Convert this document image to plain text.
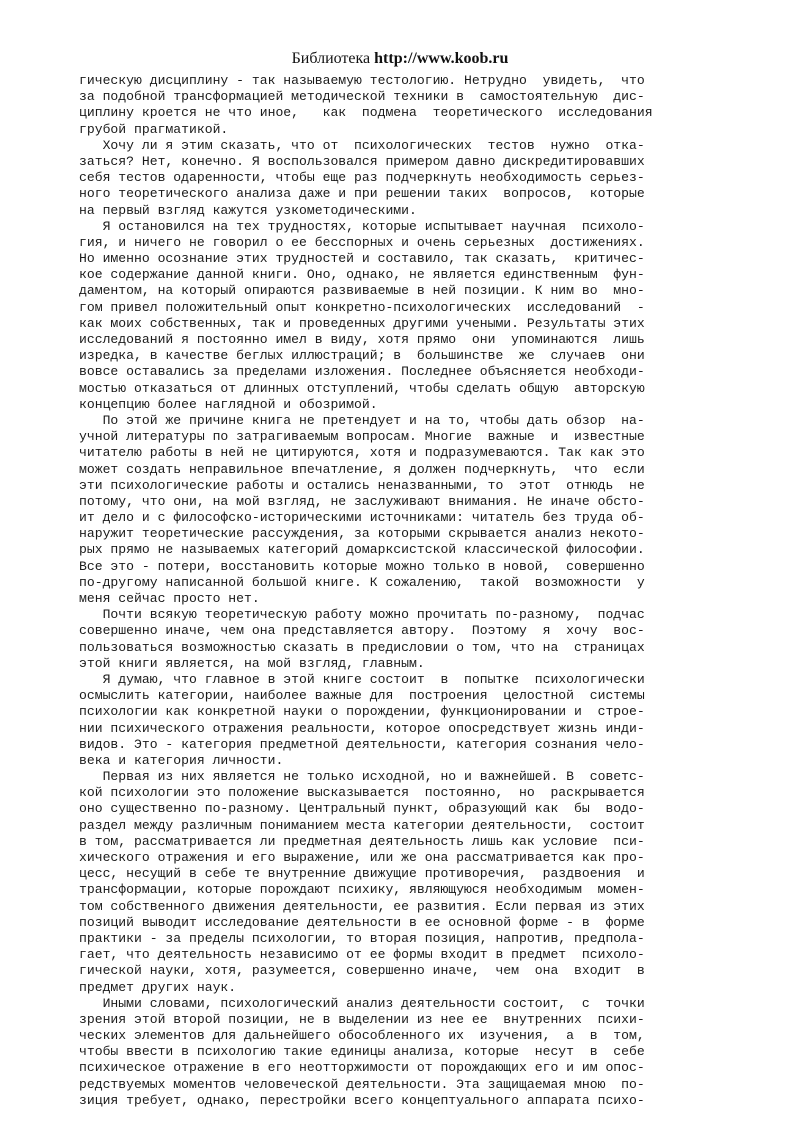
Библиотека http://www.koob.ru
гическую дисциплину - так называемую тестологию. Нетрудно  увидеть,  что
за подобной трансформацией методической техники в  самостоятельную  дис-
циплину кроется не что иное,   как  подмена  теоретического  исследования
грубой прагматикой.
Хочу ли я этим сказать, что от  психологических  тестов  нужно  отка-
заться? Нет, конечно. Я воспользовался примером давно дискредитировавших
себя тестов одаренности, чтобы еще раз подчеркнуть необходимость серьез-
ного теоретического анализа даже и при решении таких  вопросов,  которые
на первый взгляд кажутся узкометодическими.
Я остановился на тех трудностях, которые испытывает научная  психоло-
гия, и ничего не говорил о ее бесспорных и очень серьезных  достижениях.
Но именно осознание этих трудностей и составило, так сказать,  критичес-
кое содержание данной книги. Оно, однако, не является единственным  фун-
даментом, на который опираются развиваемые в ней позиции. К ним во  мно-
гом привел положительный опыт конкретно-психологических  исследований  -
как моих собственных, так и проведенных другими учеными. Результаты этих
исследований я постоянно имел в виду, хотя прямо  они  упоминаются  лишь
изредка, в качестве беглых иллюстраций; в  большинстве  же  случаев  они
вовсе оставались за пределами изложения. Последнее объясняется необходи-
мостью отказаться от длинных отступлений, чтобы сделать общую  авторскую
концепцию более наглядной и обозримой.
По этой же причине книга не претендует и на то, чтобы дать обзор  на-
учной литературы по затрагиваемым вопросам. Многие  важные  и  известные
читателю работы в ней не цитируются, хотя и подразумеваются. Так как это
может создать неправильное впечатление, я должен подчеркнуть,  что  если
эти психологические работы и остались неназванными, то  этот  отнюдь  не
потому, что они, на мой взгляд, не заслуживают внимания. Не иначе обсто-
ит дело и с философско-историческими источниками: читатель без труда об-
наружит теоретические рассуждения, за которыми скрывается анализ некото-
рых прямо не называемых категорий домарксистской классической философии.
Все это - потери, восстановить которые можно только в новой,  совершенно
по-другому написанной большой книге. К сожалению,  такой  возможности  у
меня сейчас просто нет.
Почти всякую теоретическую работу можно прочитать по-разному,  подчас
совершенно иначе, чем она представляется автору.  Поэтому  я  хочу  вос-
пользоваться возможностью сказать в предисловии о том, что на  страницах
этой книги является, на мой взгляд, главным.
Я думаю, что главное в этой книге состоит  в  попытке  психологически
осмыслить категории, наиболее важные для  построения  целостной  системы
психологии как конкретной науки о порождении, функционировании и  строе-
нии психического отражения реальности, которое опосредствует жизнь инди-
видов. Это - категория предметной деятельности, категория сознания чело-
века и категория личности.
Первая из них является не только исходной, но и важнейшей. В  советс-
кой психологии это положение высказывается  постоянно,  но  раскрывается
оно существенно по-разному. Центральный пункт, образующий как  бы  водо-
раздел между различным пониманием места категории деятельности,  состоит
в том, рассматривается ли предметная деятельность лишь как условие  пси-
хического отражения и его выражение, или же она рассматривается как про-
цесс, несущий в себе те внутренние движущие противоречия,  раздвоения  и
трансформации, которые порождают психику, являющуюся необходимым  момен-
том собственного движения деятельности, ее развития. Если первая из этих
позиций выводит исследование деятельности в ее основной форме - в  форме
практики - за пределы психологии, то вторая позиция, напротив, предпола-
гает, что деятельность независимо от ее формы входит в предмет  психоло-
гической науки, хотя, разумеется, совершенно иначе,  чем  она  входит  в
предмет других наук.
Иными словами, психологический анализ деятельности состоит,  с  точки
зрения этой второй позиции, не в выделении из нее ее  внутренних  психи-
ческих элементов для дальнейшего обособленного их  изучения,  а  в  том,
чтобы ввести в психологию такие единицы анализа, которые  несут  в  себе
психическое отражение в его неотторжимости от порождающих его и им опос-
редствуемых моментов человеческой деятельности. Эта защищаемая мною  по-
зиция требует, однако, перестройки всего концептуального аппарата психо-
